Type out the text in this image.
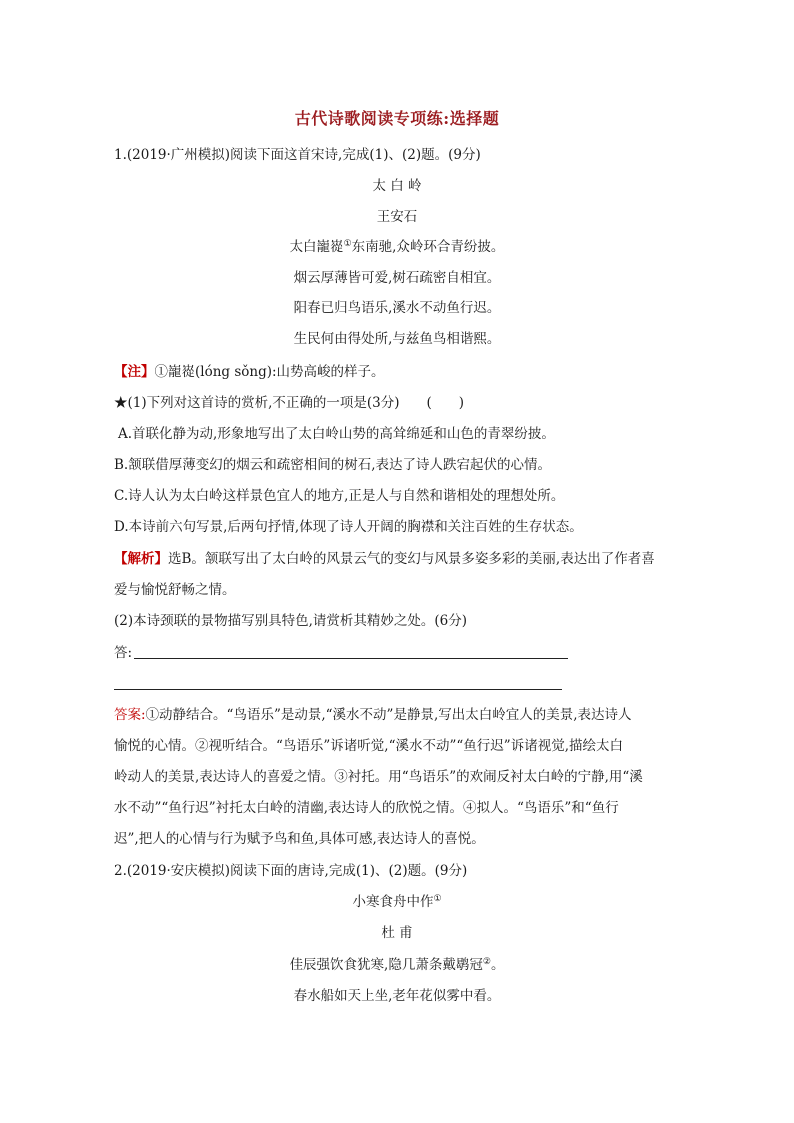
古代诗歌阅读专项练:选择题
1.(2019·广州模拟)阅读下面这首宋诗,完成(1)、(2)题。(9分)
太 白 岭
王安石
太白巃嵸①东南驰,众岭环合青纷披。
烟云厚薄皆可爱,树石疏密自相宜。
阳春已归鸟语乐,溪水不动鱼行迟。
生民何由得处所,与兹鱼鸟相谐熙。
【注】①巃嵸(lóng sǒng):山势高峻的样子。
★(1)下列对这首诗的赏析,不正确的一项是(3分)　　(　　)
A.首联化静为动,形象地写出了太白岭山势的高耸绵延和山色的青翠纷披。
B.颔联借厚薄变幻的烟云和疏密相间的树石,表达了诗人跌宕起伏的心情。
C.诗人认为太白岭这样景色宜人的地方,正是人与自然和谐相处的理想处所。
D.本诗前六句写景,后两句抒情,体现了诗人开阔的胸襟和关注百姓的生存状态。
【解析】选B。颔联写出了太白岭的风景云气的变幻与风景多姿多彩的美丽,表达出了作者喜
爱与愉悦舒畅之情。
(2)本诗颈联的景物描写别具特色,请赏析其精妙之处。(6分)
答:
答案:①动静结合。“鸟语乐”是动景,“溪水不动”是静景,写出太白岭宜人的美景,表达诗人
愉悦的心情。②视听结合。“鸟语乐”诉诸听觉,“溪水不动”“鱼行迟”诉诸视觉,描绘太白
岭动人的美景,表达诗人的喜爱之情。③衬托。用“鸟语乐”的欢闹反衬太白岭的宁静,用“溪
水不动”“鱼行迟”衬托太白岭的清幽,表达诗人的欣悦之情。④拟人。“鸟语乐”和“鱼行
迟”,把人的心情与行为赋予鸟和鱼,具体可感,表达诗人的喜悦。
2.(2019·安庆模拟)阅读下面的唐诗,完成(1)、(2)题。(9分)
小寒食舟中作①
杜 甫
佳辰强饮食犹寒,隐几萧条戴鹖冠②。
春水船如天上坐,老年花似雾中看。
